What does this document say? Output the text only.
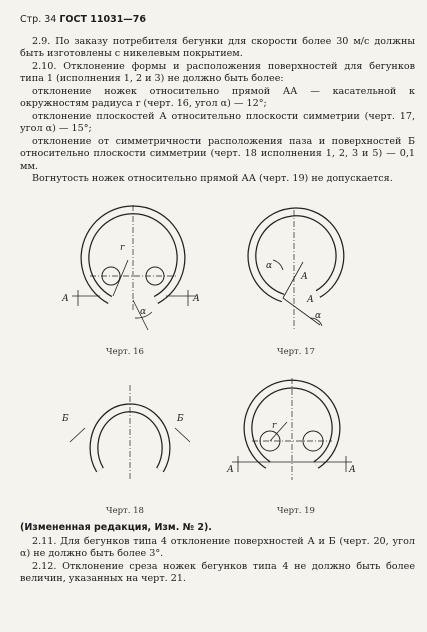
Стр. 34 ГОСТ 11031—76
2.9. По заказу потребителя бегунки для скорости более 30 м/с должны быть изготовлены с никелевым покрытием.
2.10. Отклонение формы и расположения поверхностей для бегунков типа 1 (исполнения 1, 2 и 3) не должно быть более:
отклонение ножек относительно прямой АА — касательной к окружностям радиуса r (черт. 16, угол α) — 12°;
отклонение плоскостей А относительно плоскости симметрии (черт. 17, угол α) — 15°;
отклонение от симметричности расположения паза и поверхностей Б относительно плоскости симметрии (черт. 18 исполнения 1, 2, 3 и 5) — 0,1 мм.
Вогнутость ножек относительно прямой АА (черт. 19) не допускается.
А	А
r
α
А
А
α
α
Б	Б
А	А
r
Черт. 16	Черт. 17
Черт. 18	Черт. 19
(Измененная редакция, Изм. № 2).
2.11. Для бегунков типа 4 отклонение поверхностей А и Б (черт. 20, угол α) не должно быть более 3°.
2.12. Отклонение среза ножек бегунков типа 4 не должно быть более величин, указанных на черт. 21.
